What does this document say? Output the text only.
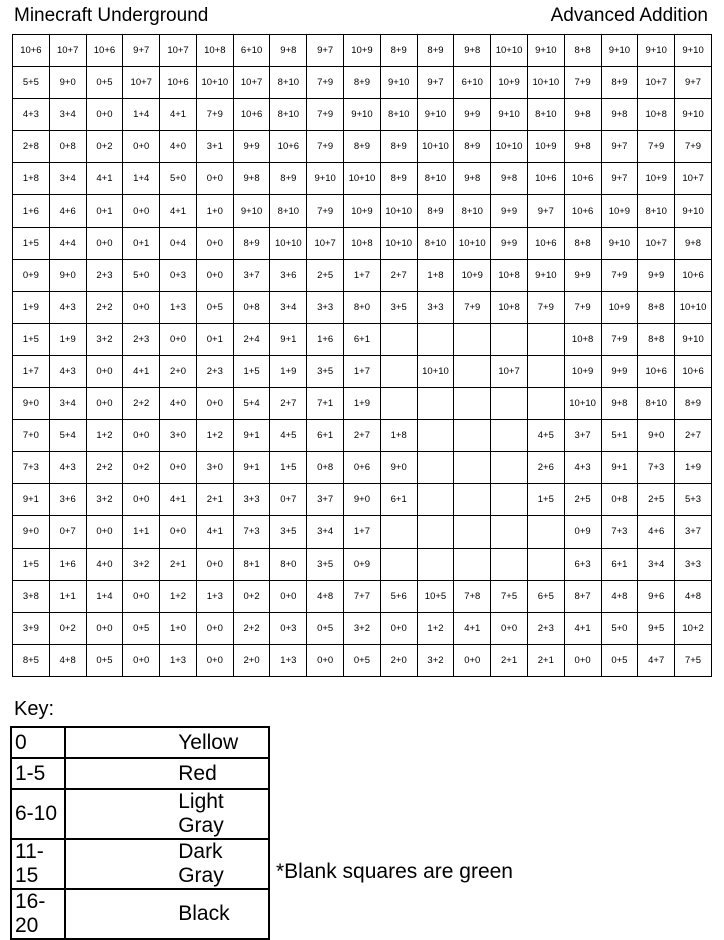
Minecraft Underground	Advanced Addition
10+6	10+7	10+6	9+7	10+7	10+8	6+10	9+8	9+7	10+9	8+9	8+9	9+8	10+10	9+10	8+8	9+10	9+10	9+10
5+5	9+0	0+5	10+7	10+6	10+10	10+7	8+10	7+9	8+9	9+10	9+7	6+10	10+9	10+10	7+9	8+9	10+7	9+7
4+3	3+4	0+0	1+4	4+1	7+9	10+6	8+10	7+9	9+10	8+10	9+10	9+9	9+10	8+10	9+8	9+8	10+8	9+10
2+8	0+8	0+2	0+0	4+0	3+1	9+9	10+6	7+9	8+9	8+9	10+10	8+9	10+10	10+9	9+8	9+7	7+9	7+9
1+8	3+4	4+1	1+4	5+0	0+0	9+8	8+9	9+10	10+10	8+9	8+10	9+8	9+8	10+6	10+6	9+7	10+9	10+7
1+6	4+6	0+1	0+0	4+1	1+0	9+10	8+10	7+9	10+9	10+10	8+9	8+10	9+9	9+7	10+6	10+9	8+10	9+10
1+5	4+4	0+0	0+1	0+4	0+0	8+9	10+10	10+7	10+8	10+10	8+10	10+10	9+9	10+6	8+8	9+10	10+7	9+8
0+9	9+0	2+3	5+0	0+3	0+0	3+7	3+6	2+5	1+7	2+7	1+8	10+9	10+8	9+10	9+9	7+9	9+9	10+6
1+9	4+3	2+2	0+0	1+3	0+5	0+8	3+4	3+3	8+0	3+5	3+3	7+9	10+8	7+9	7+9	10+9	8+8	10+10
1+5	1+9	3+2	2+3	0+0	0+1	2+4	9+1	1+6	6+1						10+8	7+9	8+8	9+10
1+7	4+3	0+0	4+1	2+0	2+3	1+5	1+9	3+5	1+7		10+10		10+7		10+9	9+9	10+6	10+6
9+0	3+4	0+0	2+2	4+0	0+0	5+4	2+7	7+1	1+9						10+10	9+8	8+10	8+9
7+0	5+4	1+2	0+0	3+0	1+2	9+1	4+5	6+1	2+7	1+8				4+5	3+7	5+1	9+0	2+7
7+3	4+3	2+2	0+2	0+0	3+0	9+1	1+5	0+8	0+6	9+0				2+6	4+3	9+1	7+3	1+9
9+1	3+6	3+2	0+0	4+1	2+1	3+3	0+7	3+7	9+0	6+1				1+5	2+5	0+8	2+5	5+3
9+0	0+7	0+0	1+1	0+0	4+1	7+3	3+5	3+4	1+7						0+9	7+3	4+6	3+7
1+5	1+6	4+0	3+2	2+1	0+0	8+1	8+0	3+5	0+9						6+3	6+1	3+4	3+3
3+8	1+1	1+4	0+0	1+2	1+3	0+2	0+0	4+8	7+7	5+6	10+5	7+8	7+5	6+5	8+7	4+8	9+6	4+8
3+9	0+2	0+0	0+5	1+0	0+0	2+2	0+3	0+5	3+2	0+0	1+2	4+1	0+0	2+3	4+1	5+0	9+5	10+2
8+5	4+8	0+5	0+0	1+3	0+0	2+0	1+3	0+0	0+5	2+0	3+2	0+0	2+1	2+1	0+0	0+5	4+7	7+5
Key:
0	Yellow
1-5	Red
6-10	Light Gray
11-15	Dark Gray
16-20	Black
*Blank squares are green
